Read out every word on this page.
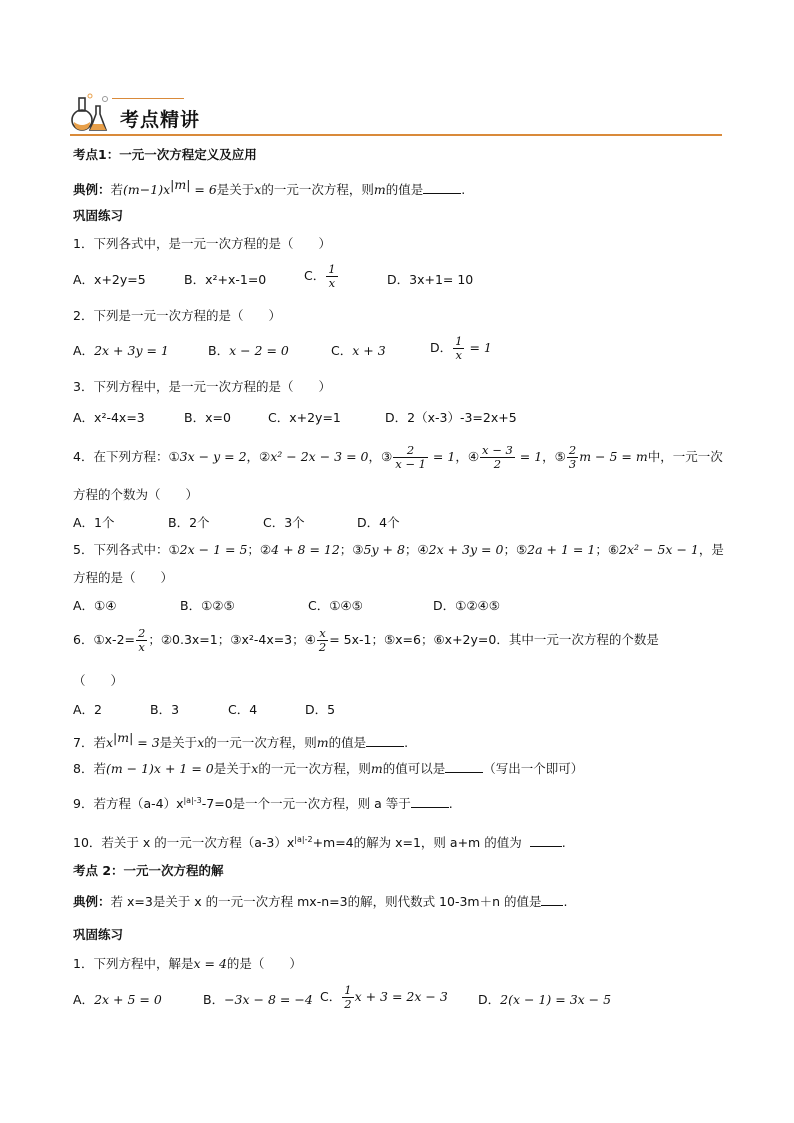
考点精讲
考点1：一元一次方程定义及应用
典例：若$(m-1)x^{|m|} = 6$是关于x的一元一次方程，则m的值是	.
巩固练习
1．下列各式中，是一元一次方程的是（　　）
A．x+2y=5	B．x²+x-1=0	C． $\frac{1}{x}$	D．3x+1= 10
2．下列是一元一次方程的是（　　）
A．2x + 3y = 1	B．x − 2 = 0	C．x + 3	D． $\frac{1}{x} = 1$
3．下列方程中，是一元一次方程的是（　　）
A．x²-4x=3	B．x=0	C．x+2y=1	D．2（x-3）-3=2x+5
4．在下列方程：①3x − y = 2，②x² − 2x − 3 = 0，③ $\frac{2}{x - 1} = 1$，④ $\frac{x - 3}{2} = 1$，⑤ $\frac{2}{3}$ m − 5 = m中，一元一次
方程的个数为（　　）
A．1个	B．2个	C．3个	D．4个
5．下列各式中：①2x − 1 = 5；②4 + 8 = 12；③5y + 8；④2x + 3y = 0；⑤2a + 1 = 1；⑥2x² − 5x − 1，是
方程的是（　　）
A．①④	B．①②⑤	C．①④⑤	D．①②④⑤
6．①x-2= $\frac{2}{x}$ ；②0.3x=1；③x²-4x=3；④ $\frac{x}{2} = 5x-1$；⑤x=6；⑥x+2y=0．其中一元一次方程的个数是
（　　）
A．2	B．3	C．4	D．5
7．若$x^{|m|} = 3$是关于x的一元一次方程，则m的值是	.
8．若(m − 1)x + 1 = 0是关于x的一元一次方程，则m的值可以是	（写出一个即可）
9．若方程$(a-4)x^{|a|-3}-7=0$是一个一元一次方程，则 a 等于	.
10．若关于 x 的一元一次方程$(a-3)x^{|a|-2}+m=4$的解为 x=1，则 a+m 的值为	.
考点 2：一元一次方程的解
典例：若 x=3是关于 x 的一元一次方程 mx-n=3的解，则代数式 10-3m＋n 的值是 .
巩固练习
1．下列方程中，解是x = 4的是（　　）
A．2x + 5 = 0	B．−3x − 8 = −4 C． $\frac{1}{2}$ x + 3 = 2x − 3 D．2(x − 1) = 3x − 5
